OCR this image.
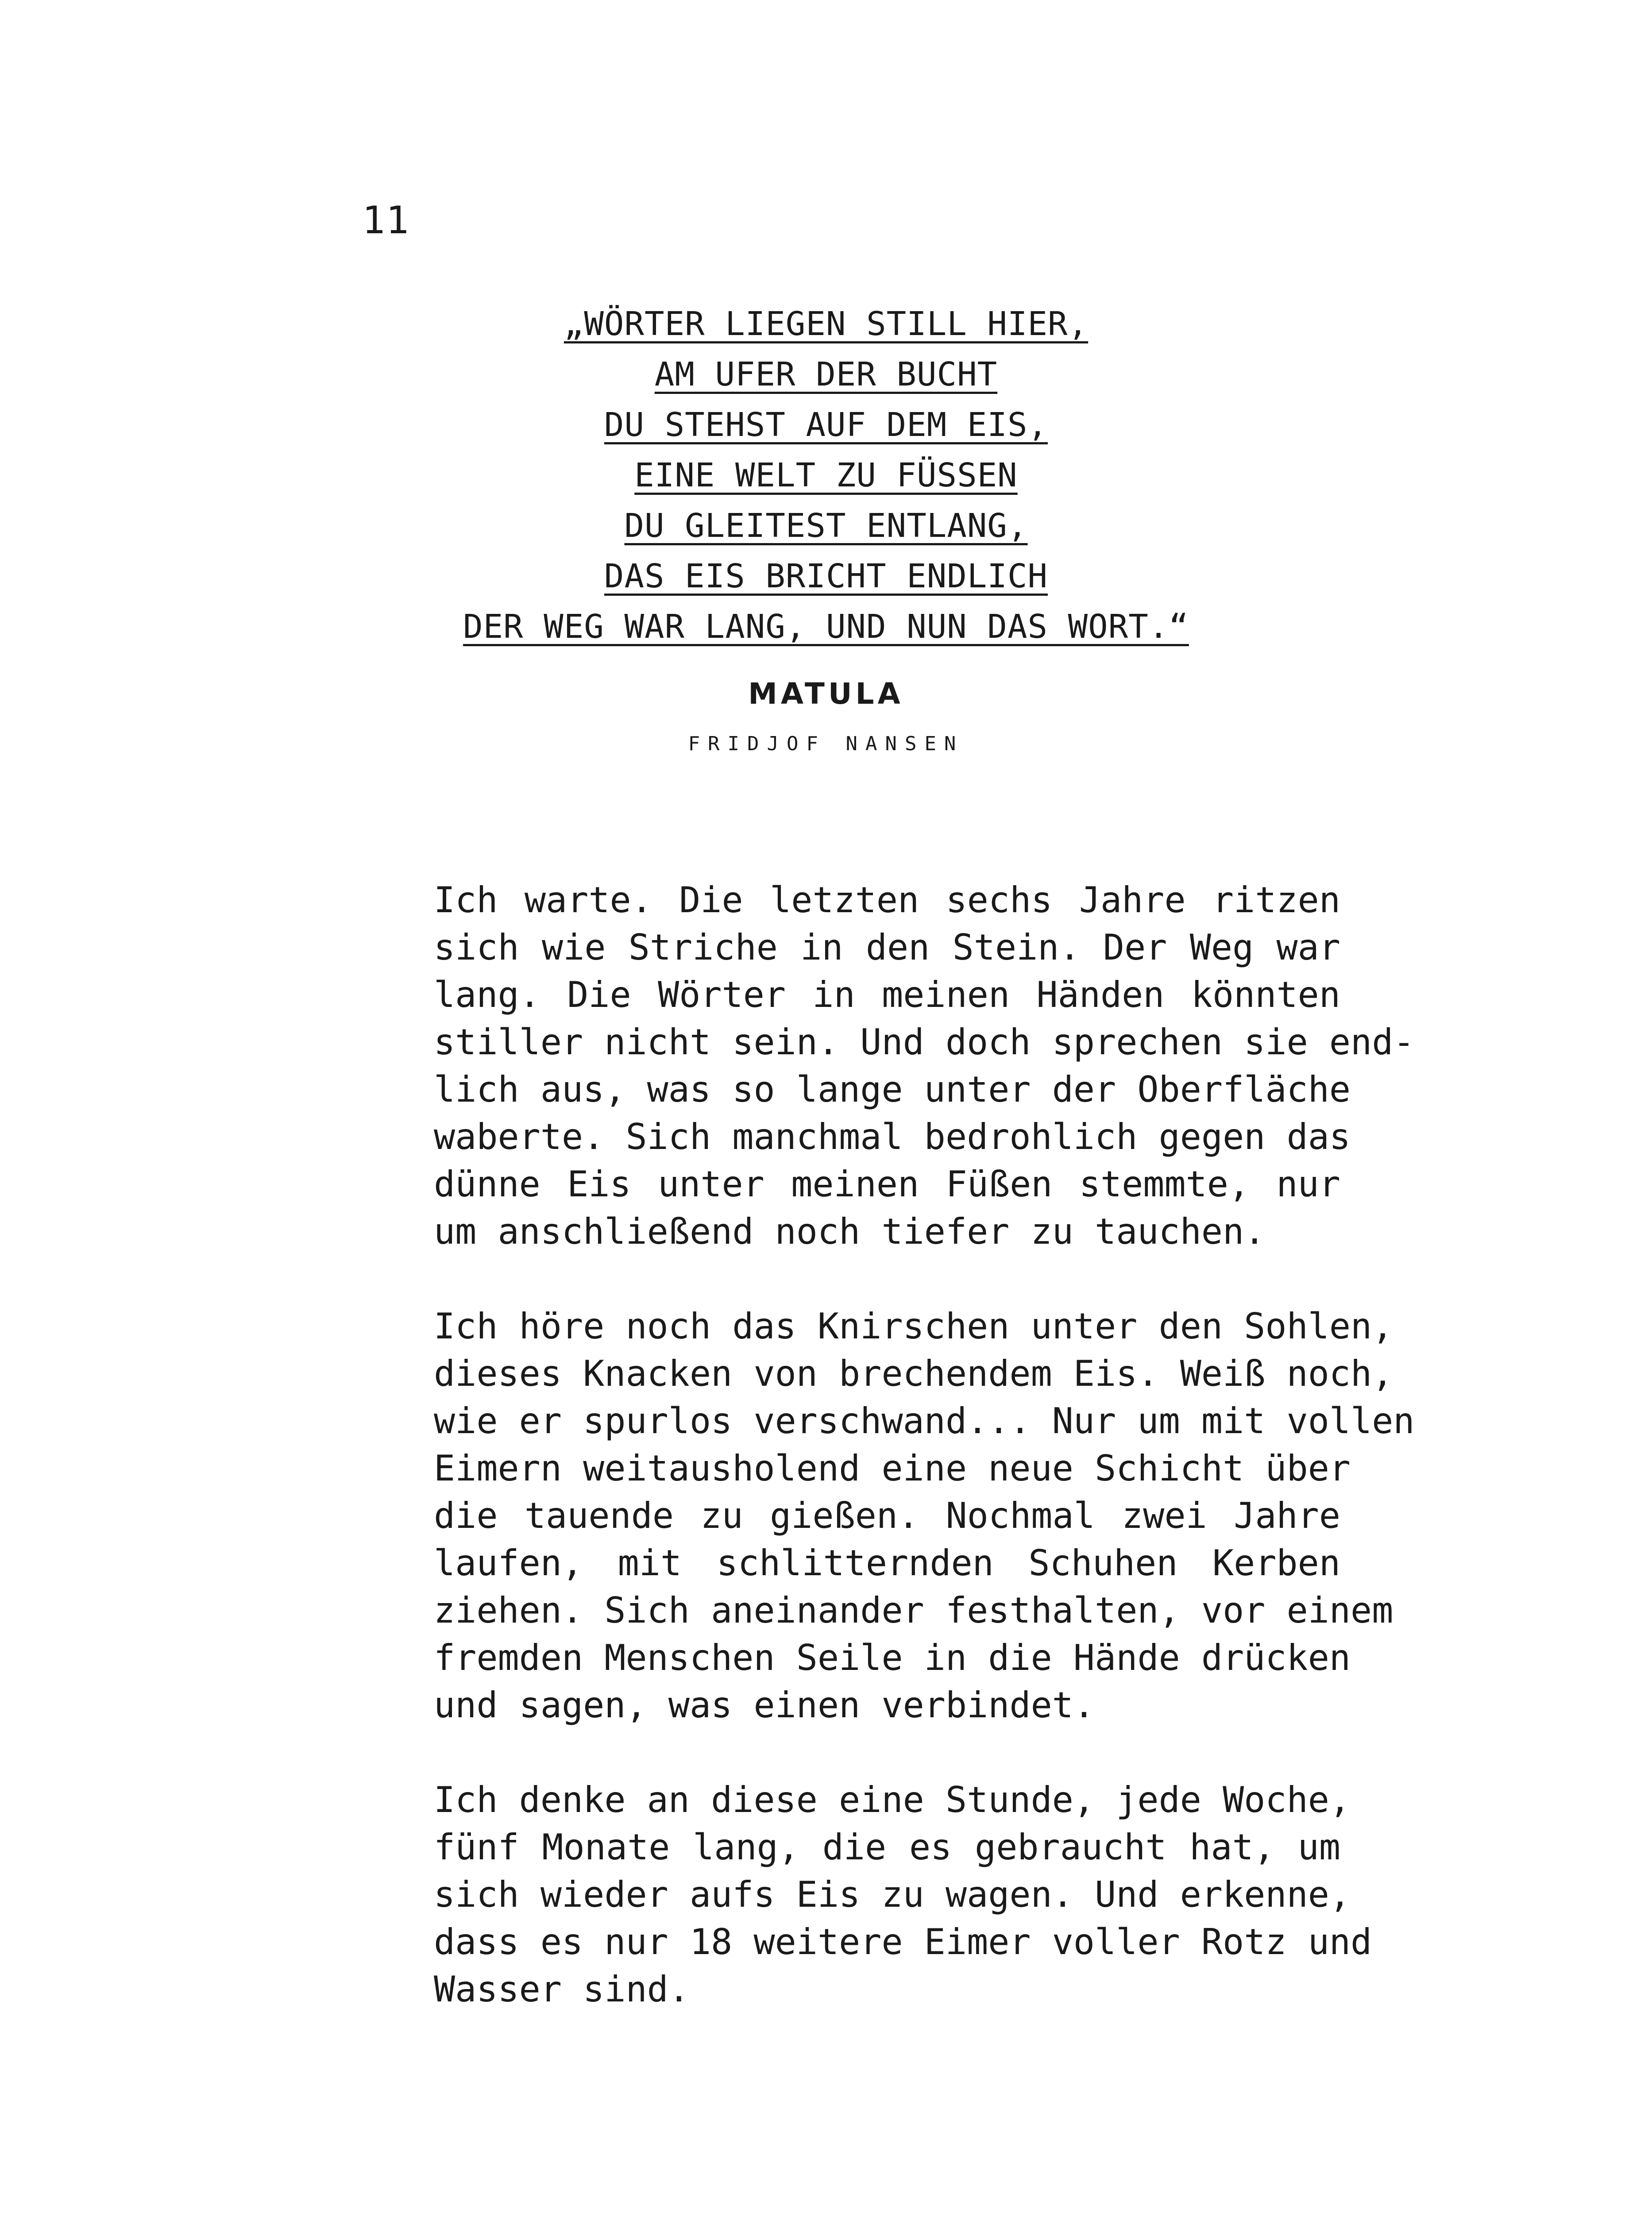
11
„WÖRTER LIEGEN STILL HIER,
AM UFER DER BUCHT
DU STEHST AUF DEM EIS,
EINE WELT ZU FÜSSEN
DU GLEITEST ENTLANG,
DAS EIS BRICHT ENDLICH
DER WEG WAR LANG, UND NUN DAS WORT.“
MATULA
FRIDJOF NANSEN

Ich warte. Die letzten sechs Jahre ritzen
sich wie Striche in den Stein. Der Weg war
lang. Die Wörter in meinen Händen könnten
stiller nicht sein. Und doch sprechen sie end-
lich aus, was so lange unter der Oberfläche
waberte. Sich manchmal bedrohlich gegen das
dünne Eis unter meinen Füßen stemmte, nur
um anschließend noch tiefer zu tauchen.

Ich höre noch das Knirschen unter den Sohlen,
dieses Knacken von brechendem Eis. Weiß noch,
wie er spurlos verschwand... Nur um mit vollen
Eimern weitausholend eine neue Schicht über
die tauende zu gießen. Nochmal zwei Jahre
laufen, mit schlitternden Schuhen Kerben
ziehen. Sich aneinander festhalten, vor einem
fremden Menschen Seile in die Hände drücken
und sagen, was einen verbindet.

Ich denke an diese eine Stunde, jede Woche,
fünf Monate lang, die es gebraucht hat, um
sich wieder aufs Eis zu wagen. Und erkenne,
dass es nur 18 weitere Eimer voller Rotz und
Wasser sind.
